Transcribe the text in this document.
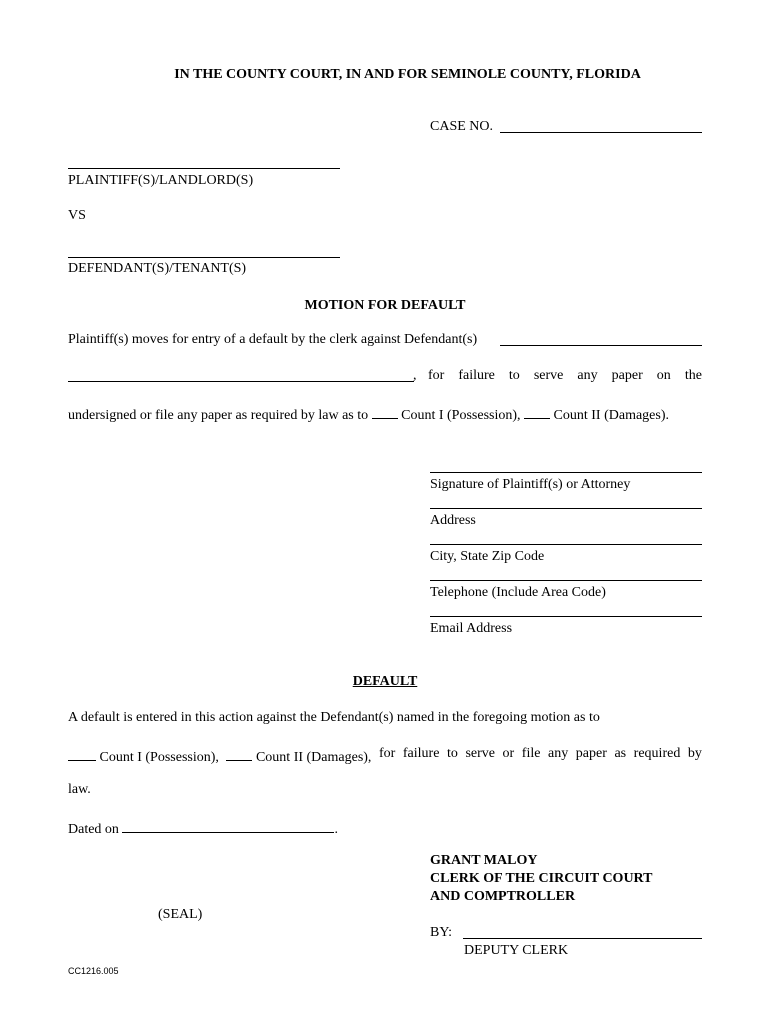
IN THE COUNTY COURT, IN AND FOR SEMINOLE COUNTY, FLORIDA
CASE NO.
PLAINTIFF(S)/LANDLORD(S)
VS
DEFENDANT(S)/TENANT(S)
MOTION FOR DEFAULT
Plaintiff(s) moves for entry of a default by the clerk against Defendant(s)
, for failure to serve any paper on the
undersigned or file any paper as required by law as to Count I (Possession), Count II (Damages).
Signature of Plaintiff(s) or Attorney
Address
City, State Zip Code
Telephone (Include Area Code)
Email Address
DEFAULT
A default is entered in this action against the Defendant(s) named in the foregoing motion as to
Count I (Possession),	Count II (Damages), for failure to serve or file any paper as required by
law.
Dated on	.
GRANT MALOY
CLERK OF THE CIRCUIT COURT
AND COMPTROLLER
(SEAL)
BY:
DEPUTY CLERK
CC1216.005
